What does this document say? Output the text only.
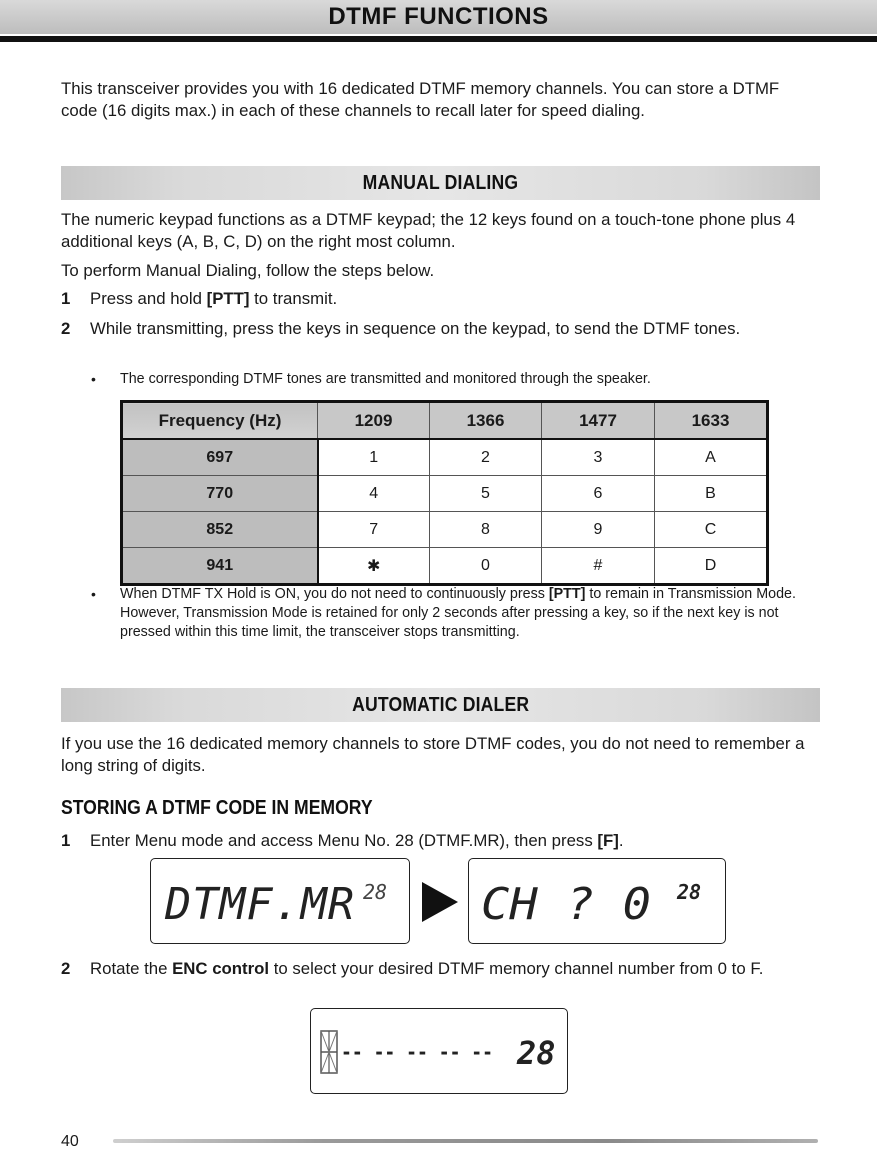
DTMF FUNCTIONS

This transceiver provides you with 16 dedicated DTMF memory channels. You can store a DTMF code (16 digits max.) in each of these channels to recall later for speed dialing.

MANUAL DIALING

The numeric keypad functions as a DTMF keypad; the 12 keys found on a touch-tone phone plus 4 additional keys (A, B, C, D) on the right most column.

To perform Manual Dialing, follow the steps below.

1 Press and hold [PTT] to transmit.

2 While transmitting, press the keys in sequence on the keypad, to send the DTMF tones.

• The corresponding DTMF tones are transmitted and monitored through the speaker.

Frequency (Hz)	1209	1366	1477	1633
697	1	2	3	A
770	4	5	6	B
852	7	8	9	C
941	✱	0	#	D
• When DTMF TX Hold is ON, you do not need to continuously press [PTT] to remain in Transmission Mode. However, Transmission Mode is retained for only 2 seconds after pressing a key, so if the next key is not pressed within this time limit, the transceiver stops transmitting.

AUTOMATIC DIALER

If you use the 16 dedicated memory channels to store DTMF codes, you do not need to remember a long string of digits.

STORING A DTMF CODE IN MEMORY
1 Enter Menu mode and access Menu No. 28 (DTMF.MR), then press [F].

DTMF.MR 28 CH ? 0 28
2 Rotate the ENC control to select your desired DTMF memory channel number from 0 to F.

-- -- -- -- -- 28
40
